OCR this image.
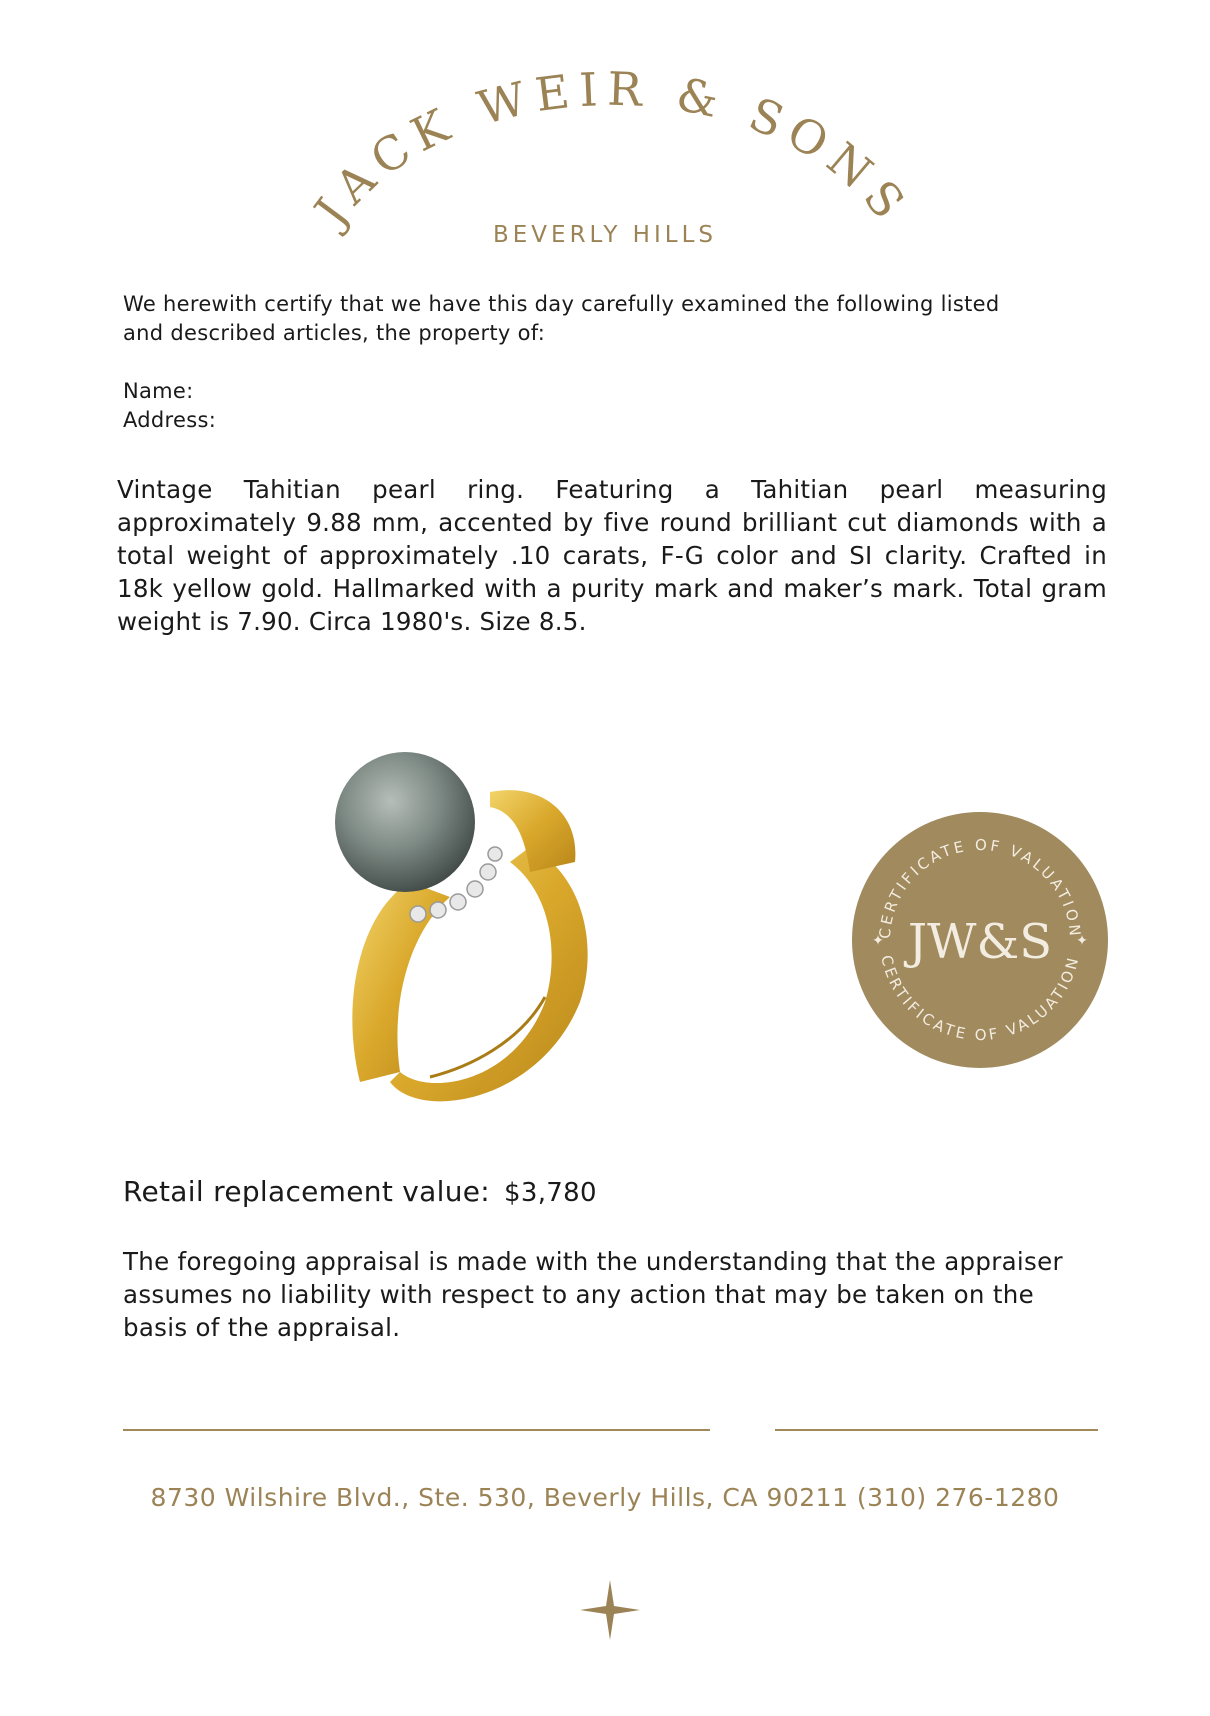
JACK WEIR & SONS
BEVERLY HILLS
We herewith certify that we have this day carefully examined the following listed and described articles, the property of:
Name:
Address:
Vintage Tahitian pearl ring. Featuring a Tahitian pearl measuring approximately 9.88 mm, accented by five round brilliant cut diamonds with a total weight of approximately .10 carats, F-G color and SI clarity. Crafted in 18k yellow gold. Hallmarked with a purity mark and maker’s mark. Total gram weight is 7.90. Circa 1980's. Size 8.5.
CERTIFICATE OF VALUATION
CERTIFICATE OF VALUATION
JW&S
✦	✦
Retail replacement value: $3,780
The foregoing appraisal is made with the understanding that the appraiser assumes no liability with respect to any action that may be taken on the basis of the appraisal.
8730 Wilshire Blvd., Ste. 530, Beverly Hills, CA 90211 (310) 276-1280
